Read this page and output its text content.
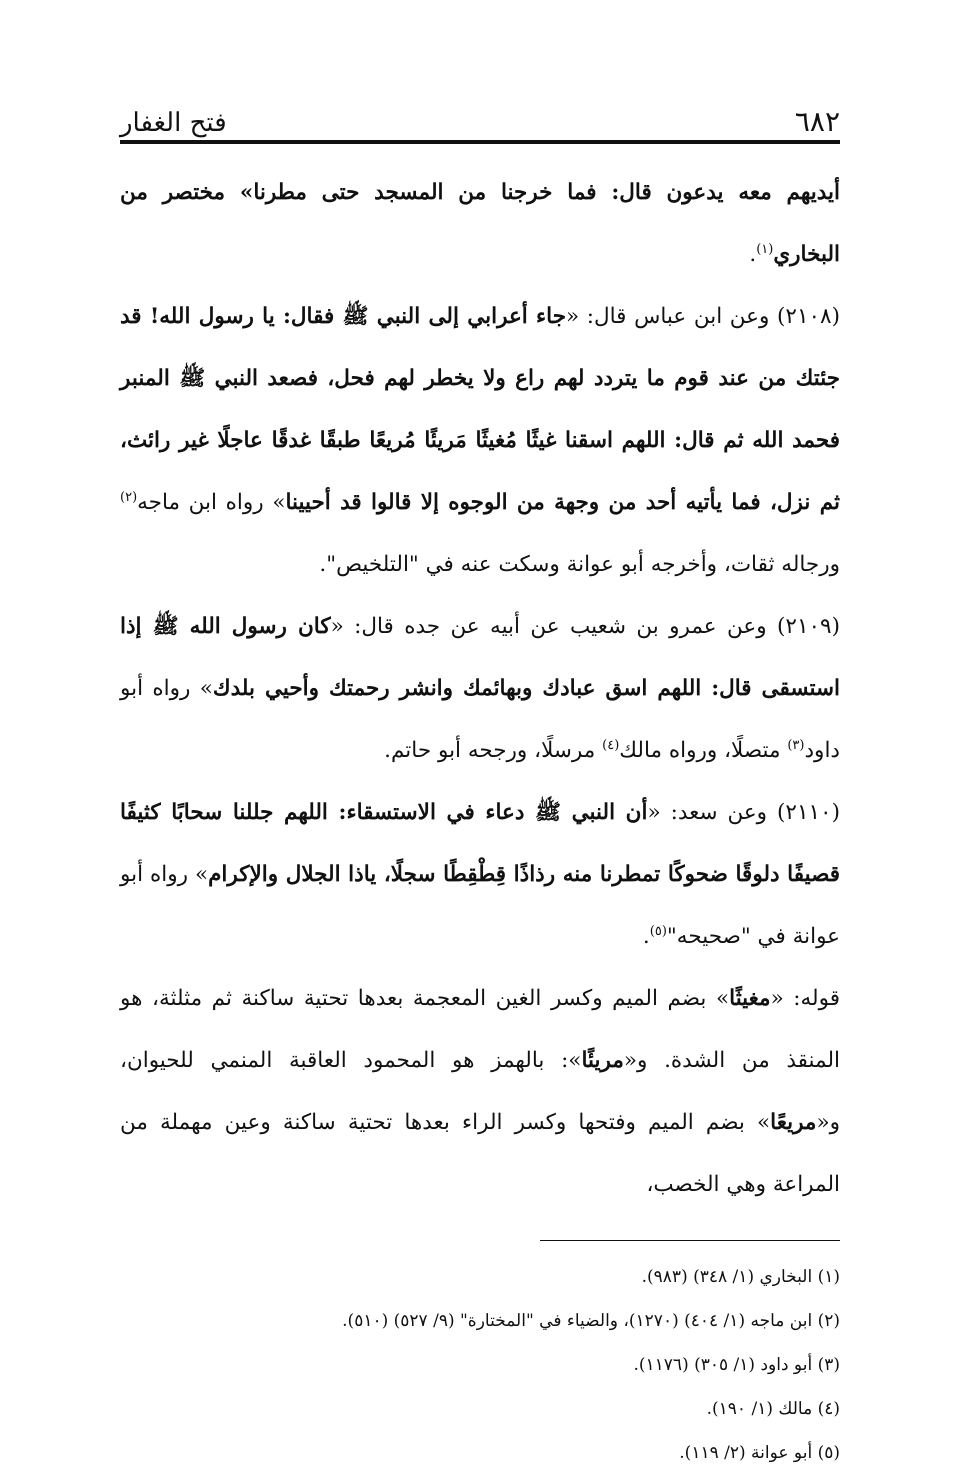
٦٨٢
فتح الغفار

أيديهم معه يدعون قال: فما خرجنا من المسجد حتى مطرنا» مختصر من البخاري$^{(١)}$.

(٢١٠٨) وعن ابن عباس قال: «جاء أعرابي إلى النبي ﷺ فقال: يا رسول الله! قد جئتك من عند قوم ما يتردد لهم راع ولا يخطر لهم فحل، فصعد النبي ﷺ المنبر فحمد الله ثم قال: اللهم اسقنا غيثًا مُغيثًا مَريئًا مُريعًا طبقًا غدقًا عاجلًا غير رائث، ثم نزل، فما يأتيه أحد من وجهة من الوجوه إلا قالوا قد أحيينا» رواه ابن ماجه$^{(٢)}$ ورجاله ثقات، وأخرجه أبو عوانة وسكت عنه في "التلخيص".

(٢١٠٩) وعن عمرو بن شعيب عن أبيه عن جده قال: «كان رسول الله ﷺ إذا استسقى قال: اللهم اسق عبادك وبهائمك وانشر رحمتك وأحيي بلدك» رواه أبو داود$^{(٣)}$ متصلًا، ورواه مالك$^{(٤)}$ مرسلًا، ورجحه أبو حاتم.

(٢١١٠) وعن سعد: «أن النبي ﷺ دعاء في الاستسقاء: اللهم جللنا سحابًا كثيفًا قصيفًا دلوقًا ضحوكًا تمطرنا منه رذاذًا قِطْقِطًا سجلًا، ياذا الجلال والإكرام» رواه أبو عوانة في "صحيحه"$^{(٥)}$.

قوله: «مغيثًا» بضم الميم وكسر الغين المعجمة بعدها تحتية ساكنة ثم مثلثة، هو المنقذ من الشدة. و«مريئًا»: بالهمز هو المحمود العاقبة المنمي للحيوان، و«مريعًا» بضم الميم وفتحها وكسر الراء بعدها تحتية ساكنة وعين مهملة من المراعة وهي الخصب،

(١) البخاري (١/ ٣٤٨) (٩٨٣).
(٢) ابن ماجه (١/ ٤٠٤) (١٢٧٠)، والضياء في "المختارة" (٩/ ٥٢٧) (٥١٠).
(٣) أبو داود (١/ ٣٠٥) (١١٧٦).
(٤) مالك (١/ ١٩٠).
(٥) أبو عوانة (٢/ ١١٩).
